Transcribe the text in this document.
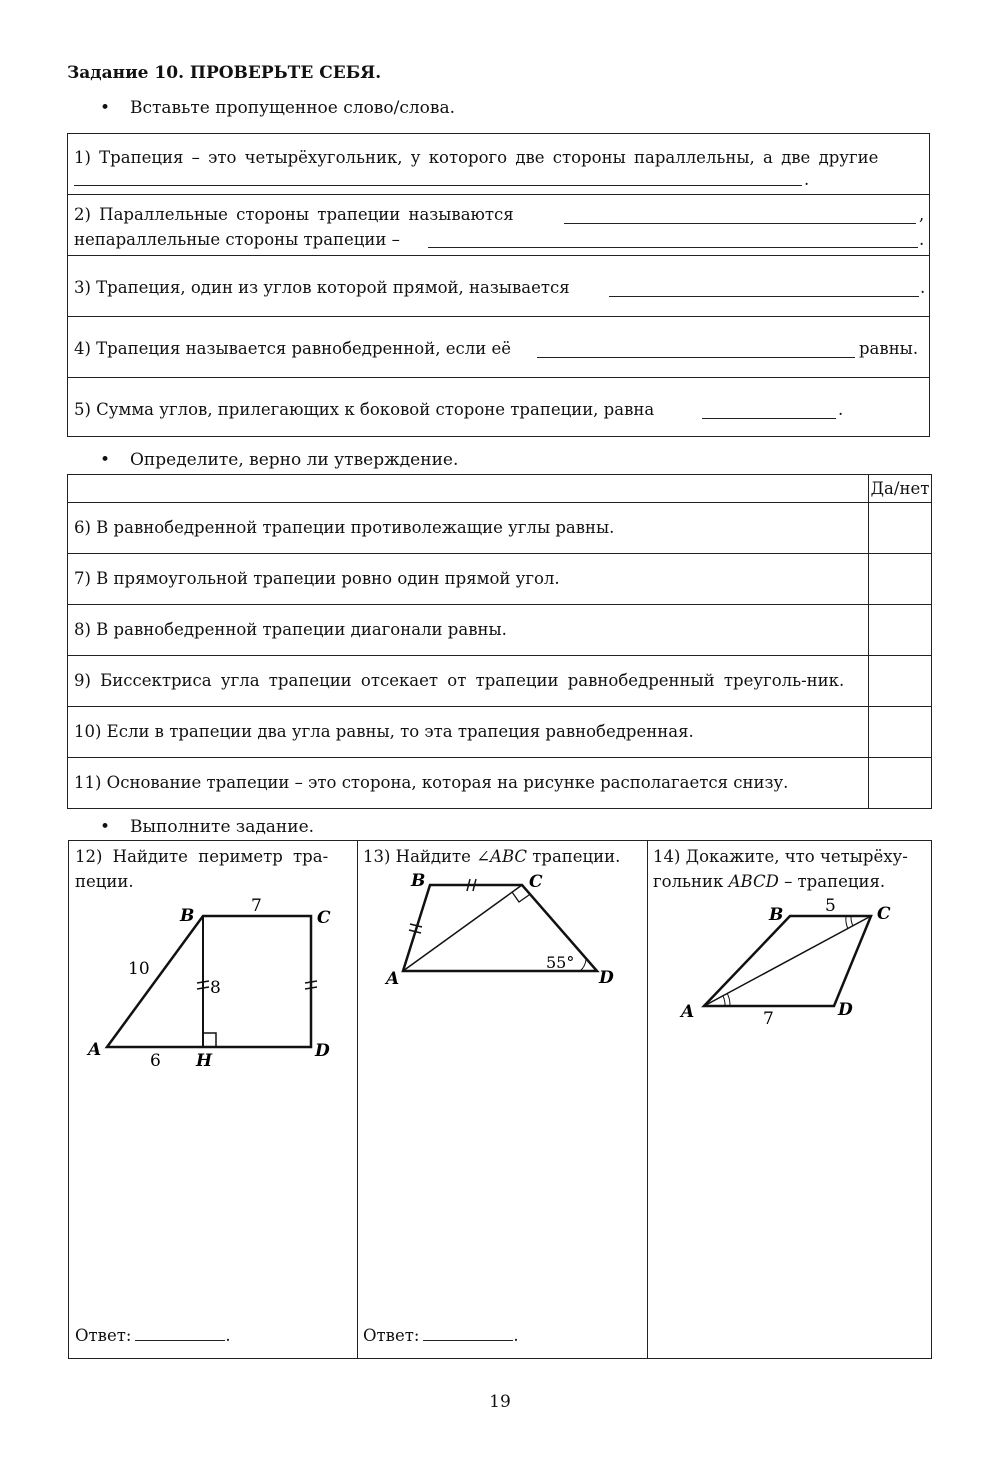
Задание 10. ПРОВЕРЬТЕ СЕБЯ.
• Вставьте пропущенное слово/слова.
1) Трапеция – это четырёхугольник, у которого две стороны параллельны, а две другие
.
2) Параллельные стороны трапеции называются	,
непараллельные стороны трапеции –	.
3) Трапеция, один из углов которой прямой, называется	.
4) Трапеция называется равнобедренной, если её	равны.
5) Сумма углов, прилегающих к боковой стороне трапеции, равна	.
• Определите, верно ли утверждение.
	Да/нет
6) В равнобедренной трапеции противолежащие углы равны.	
7) В прямоугольной трапеции ровно один прямой угол.	
8) В равнобедренной трапеции диагонали равны.	
9) Биссектриса угла трапеции отсекает от трапеции равнобедренный треуголь-ник.	
10) Если в трапеции два угла равны, то эта трапеция равнобедренная.	
11) Основание трапеции – это сторона, которая на рисунке располагается снизу.	
• Выполните задание.
12) Найдите периметр тра-
пеции.
A
B	C
D
H
7
10
8
6
Ответ:	.
13) Найдите ∠ABC трапеции.
A
B	C
D
55°
Ответ:	.
14) Докажите, что четырёху-
гольник ABCD – трапеция.
A
B	C
D
5
7
19
